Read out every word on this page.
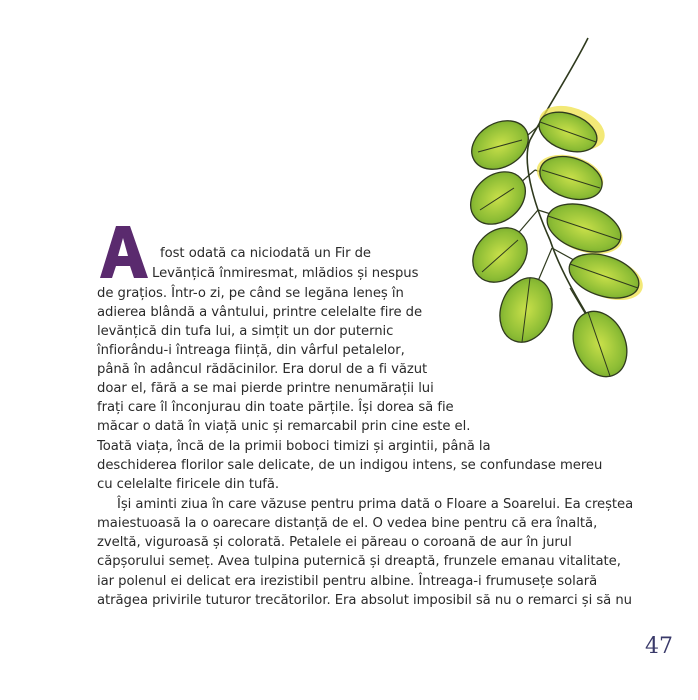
A
fost odată ca niciodată un Fir de
Levănțică înmiresmat, mlădios și nespus
de grațios. Într-o zi, pe când se legăna leneș în
adierea blândă a vântului, printre celelalte fire de
levănțică din tufa lui, a simțit un dor puternic
înfiorându-i întreaga ființă, din vârful petalelor,
până în adâncul rădăcinilor. Era dorul de a fi văzut
doar el, fără a se mai pierde printre nenumărații lui
frați care îl înconjurau din toate părțile. Își dorea să fie
măcar o dată în viață unic și remarcabil prin cine este el.
Toată viața, încă de la primii boboci timizi și argintii, până la
deschiderea florilor sale delicate, de un indigou intens, se confundase mereu
cu celelalte firicele din tufă.
Își aminti ziua în care văzuse pentru prima dată o Floare a Soarelui. Ea creștea
maiestuoasă la o oarecare distanță de el. O vedea bine pentru că era înaltă,
zveltă, viguroasă și colorată. Petalele ei păreau o coroană de aur în jurul
căpșorului semeț. Avea tulpina puternică și dreaptă, frunzele emanau vitalitate,
iar polenul ei delicat era irezistibil pentru albine. Întreaga-i frumusețe solară
atrăgea privirile tuturor trecătorilor. Era absolut imposibil să nu o remarci și să nu
47
